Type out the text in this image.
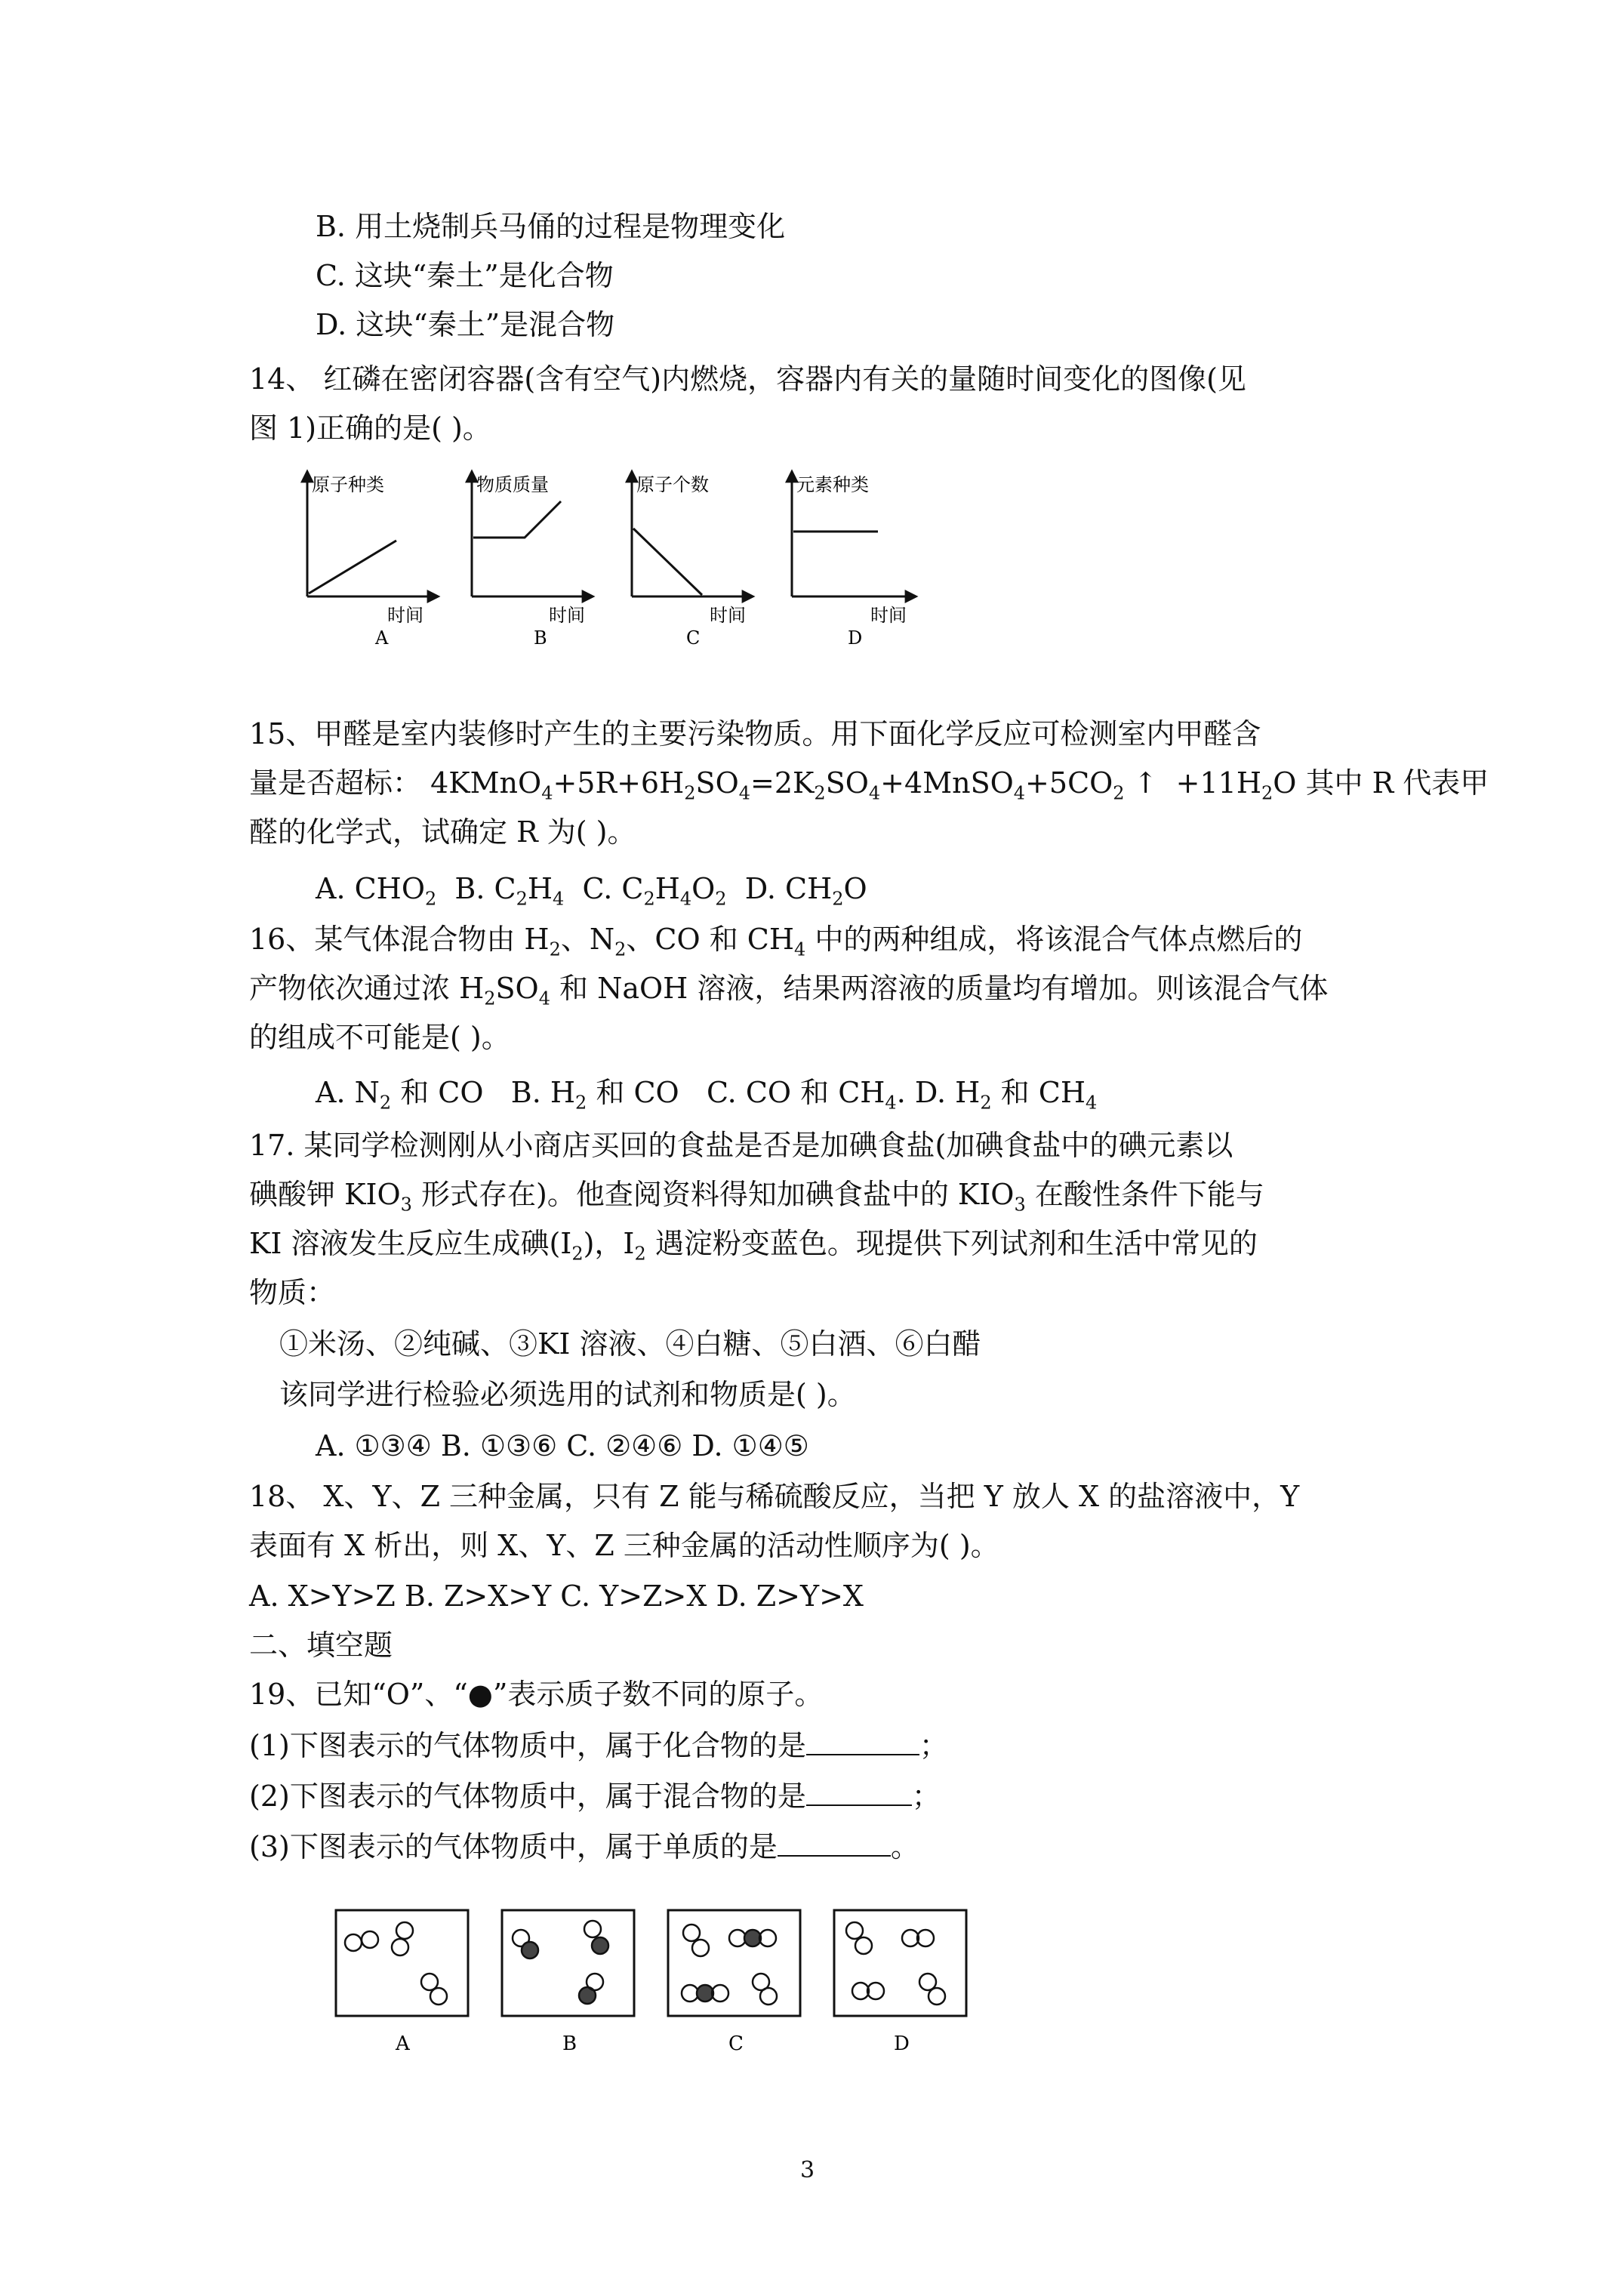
B. 用土烧制兵马俑的过程是物理变化
C. 这块“秦土”是化合物
D. 这块“秦土”是混合物
14、 红磷在密闭容器(含有空气)内燃烧，容器内有关的量随时间变化的图像(见
图 1)正确的是( )。
原子种类
时间
A
物质质量
时间
B
原子个数
时间
C
元素种类
时间
D
15、甲醛是室内装修时产生的主要污染物质。用下面化学反应可检测室内甲醛含
量是否超标： $4KMnO_4+5R+6H_2SO_4=2K_2SO_4+4MnSO_4+5CO_2$ ↑  $+11H_2O$ 其中 R 代表甲
醛的化学式，试确定 R 为( )。
A. $CHO_2$ B. $C_2H_4$ C. $C_2H_4O_2$ D. $CH_2O$
16、某气体混合物由 $H_2$、$N_2$、CO 和 $CH_4$ 中的两种组成，将该混合气体点燃后的
产物依次通过浓 $H_2SO_4$ 和 NaOH 溶液，结果两溶液的质量均有增加。则该混合气体
的组成不可能是( )。
A. $N_2$ 和 CO B. $H_2$ 和 CO C. CO 和 $CH_4$. D. $H_2$ 和 $CH_4$
17. 某同学检测刚从小商店买回的食盐是否是加碘食盐(加碘食盐中的碘元素以
碘酸钾 $KIO_3$ 形式存在)。他查阅资料得知加碘食盐中的 $KIO_3$ 在酸性条件下能与
KI 溶液发生反应生成碘$(I_2)$，$I_2$ 遇淀粉变蓝色。现提供下列试剂和生活中常见的
物质：
①米汤、②纯碱、③KI 溶液、④白糖、⑤白酒、⑥白醋
该同学进行检验必须选用的试剂和物质是( )。
A. ①③④ B. ①③⑥ C. ②④⑥ D. ①④⑤
18、 X、Y、Z 三种金属，只有 Z 能与稀硫酸反应，当把 Y 放人 X 的盐溶液中，Y
表面有 X 析出，则 X、Y、Z 三种金属的活动性顺序为( )。
A. X>Y>Z B. Z>X>Y C. Y>Z>X D. Z>Y>X
二、填空题
19、已知“O”、“●”表示质子数不同的原子。
(1)下图表示的气体物质中，属于化合物的是	；
(2)下图表示的气体物质中，属于混合物的是	；
(3)下图表示的气体物质中，属于单质的是	。
A	B	C	D
3
